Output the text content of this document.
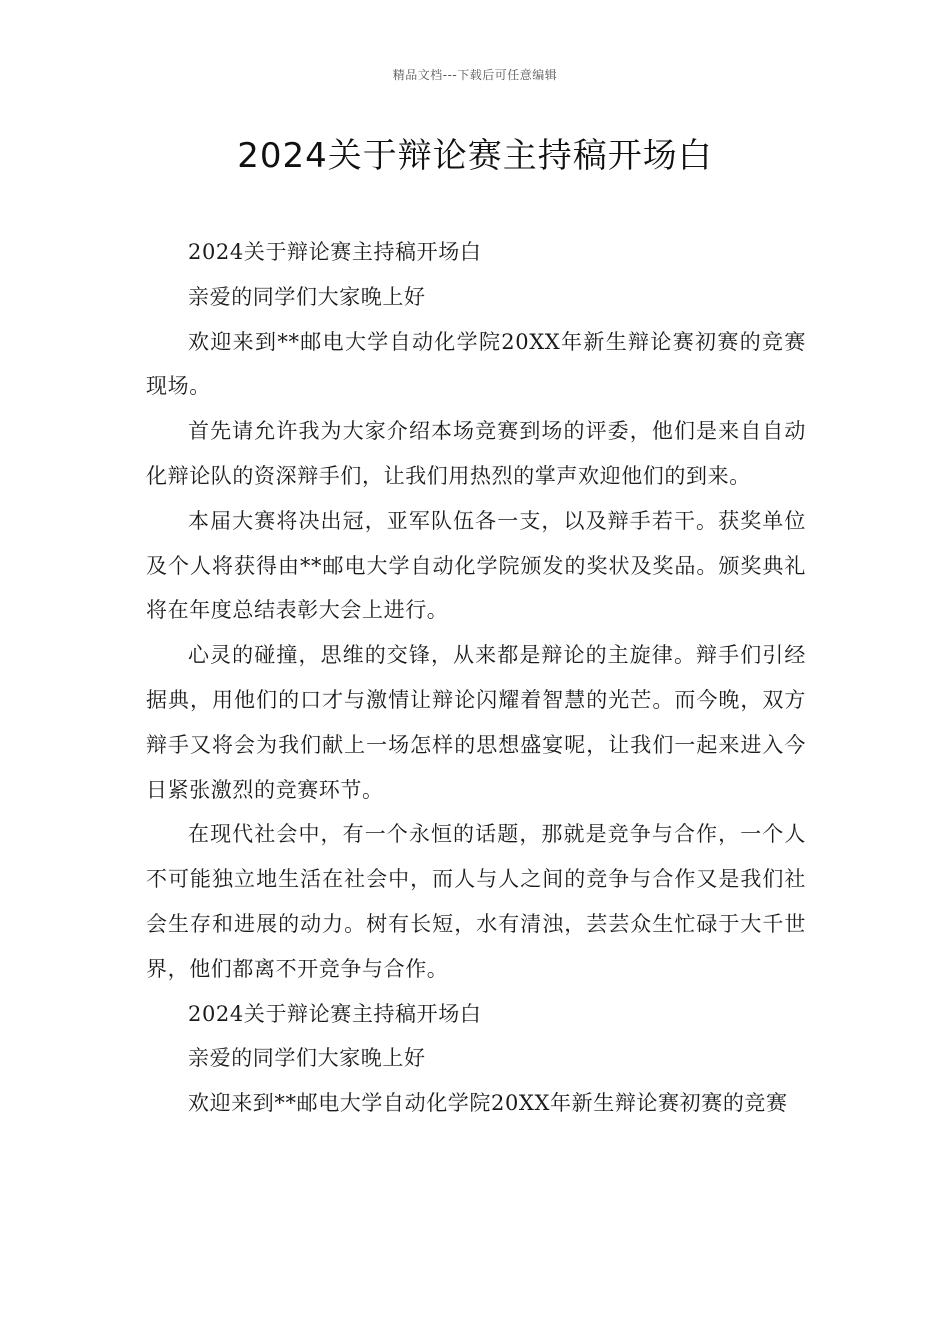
精品文档---下载后可任意编辑
2024关于辩论赛主持稿开场白

2024关于辩论赛主持稿开场白

亲爱的同学们大家晚上好

欢迎来到**邮电大学自动化学院20XX年新生辩论赛初赛的竞赛现场。

首先请允许我为大家介绍本场竞赛到场的评委，他们是来自自动化辩论队的资深辩手们，让我们用热烈的掌声欢迎他们的到来。

本届大赛将决出冠，亚军队伍各一支，以及辩手若干。获奖单位及个人将获得由**邮电大学自动化学院颁发的奖状及奖品。颁奖典礼将在年度总结表彰大会上进行。

心灵的碰撞，思维的交锋，从来都是辩论的主旋律。辩手们引经据典，用他们的口才与激情让辩论闪耀着智慧的光芒。而今晚，双方辩手又将会为我们献上一场怎样的思想盛宴呢，让我们一起来进入今日紧张激烈的竞赛环节。

在现代社会中，有一个永恒的话题，那就是竞争与合作，一个人不可能独立地生活在社会中，而人与人之间的竞争与合作又是我们社会生存和进展的动力。树有长短，水有清浊，芸芸众生忙碌于大千世界，他们都离不开竞争与合作。

2024关于辩论赛主持稿开场白

亲爱的同学们大家晚上好

欢迎来到**邮电大学自动化学院20XX年新生辩论赛初赛的竞赛
